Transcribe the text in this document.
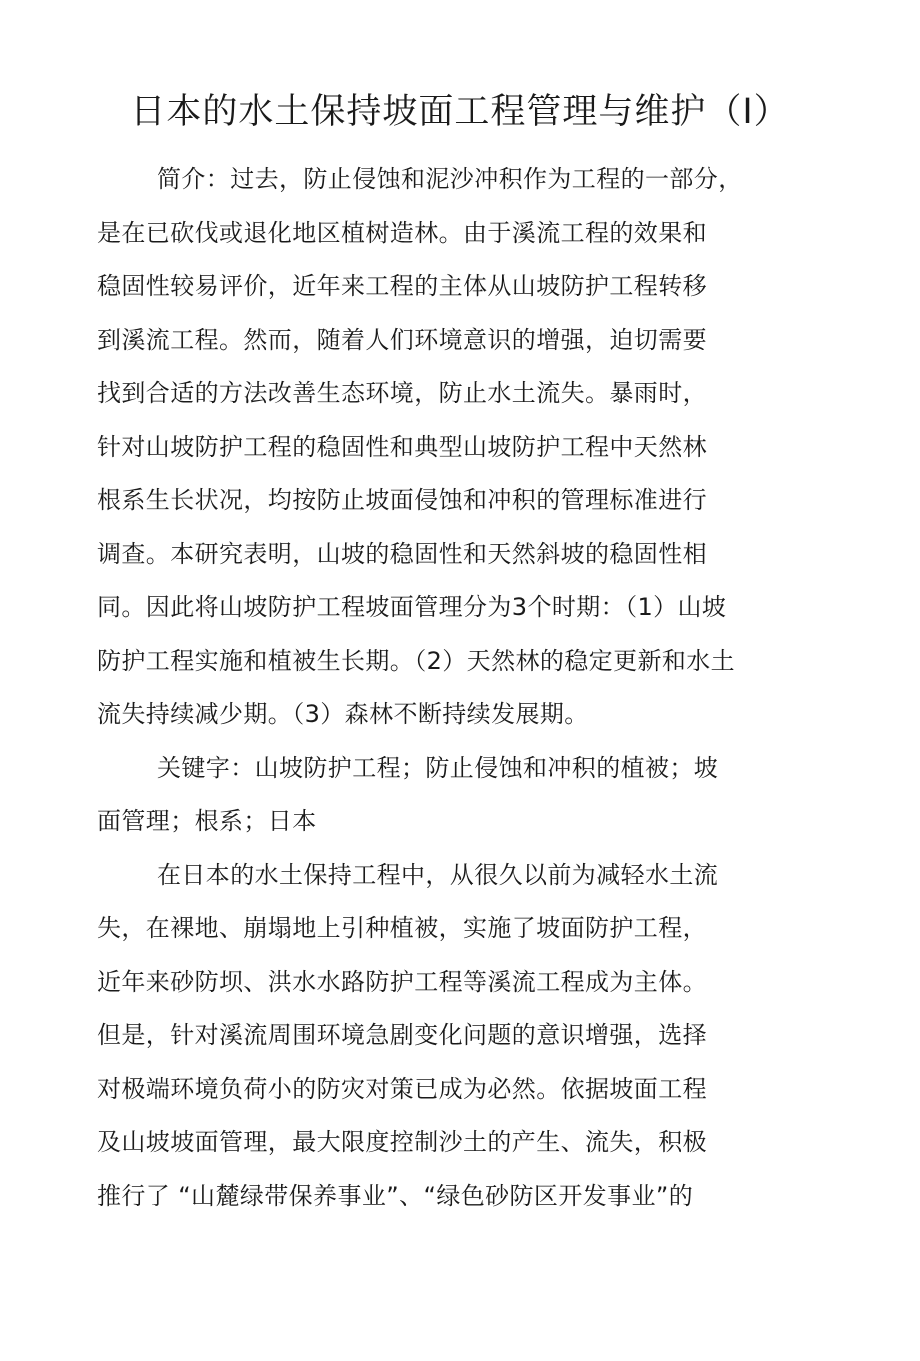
日本的水土保持坡面工程管理与维护（Ⅰ）
简介：过去，防止侵蚀和泥沙冲积作为工程的一部分，
是在已砍伐或退化地区植树造林。由于溪流工程的效果和
稳固性较易评价，近年来工程的主体从山坡防护工程转移
到溪流工程。然而，随着人们环境意识的增强，迫切需要
找到合适的方法改善生态环境，防止水土流失。暴雨时，
针对山坡防护工程的稳固性和典型山坡防护工程中天然林
根系生长状况，均按防止坡面侵蚀和冲积的管理标准进行
调查。本研究表明，山坡的稳固性和天然斜坡的稳固性相
同。因此将山坡防护工程坡面管理分为3个时期：（1）山坡
防护工程实施和植被生长期。（2）天然林的稳定更新和水土
流失持续减少期。（3）森林不断持续发展期。
关键字：山坡防护工程；防止侵蚀和冲积的植被；坡
面管理；根系；日本
在日本的水土保持工程中，从很久以前为减轻水土流
失，在裸地、崩塌地上引种植被，实施了坡面防护工程，
近年来砂防坝、洪水水路防护工程等溪流工程成为主体。
但是，针对溪流周围环境急剧变化问题的意识增强，选择
对极端环境负荷小的防灾对策已成为必然。依据坡面工程
及山坡坡面管理，最大限度控制沙土的产生、流失，积极
推行了 “山麓绿带保养事业”、“绿色砂防区开发事业”的
